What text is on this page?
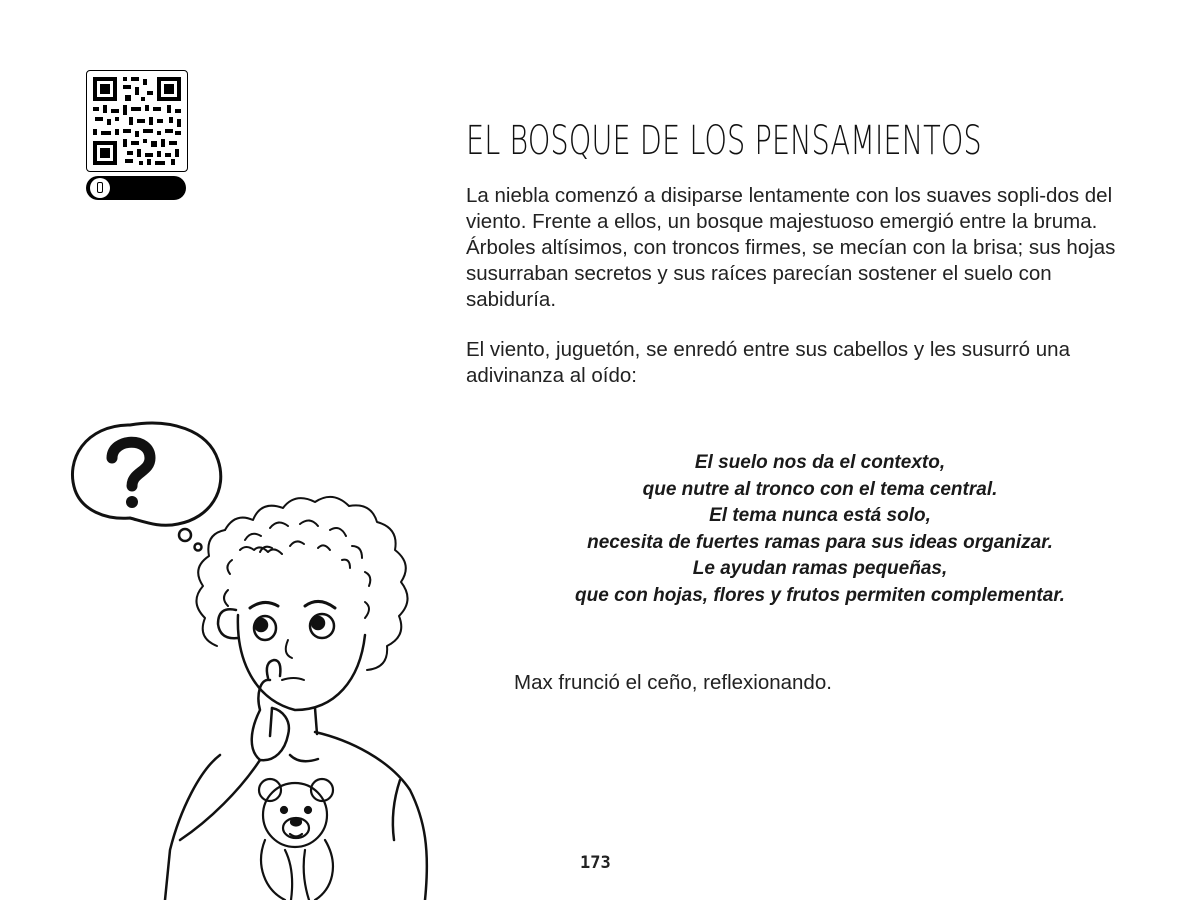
EL BOSQUE DE LOS PENSAMIENTOS

La niebla comenzó a disiparse lentamente con los suaves sopli-dos del viento. Frente a ellos, un bosque majestuoso emergió entre la bruma. Árboles altísimos, con troncos firmes, se mecían con la brisa; sus hojas susurraban secretos y sus raíces parecían sostener el suelo con sabiduría.

El viento, juguetón, se enredó entre sus cabellos y les susurró una adivinanza al oído:

El suelo nos da el contexto,
que nutre al tronco con el tema central.
El tema nunca está solo,
necesita de fuertes ramas para sus ideas organizar.
Le ayudan ramas pequeñas,
que con hojas, flores y frutos permiten complementar.

Max frunció el ceño, reflexionando.

173
